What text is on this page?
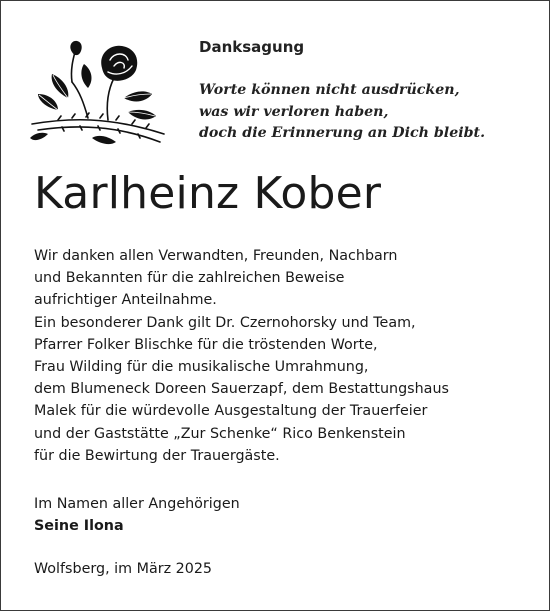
Danksagung
Worte können nicht ausdrücken,
was wir verloren haben,
doch die Erinnerung an Dich bleibt.
Karlheinz Kober
Wir danken allen Verwandten, Freunden, Nachbarn
und Bekannten für die zahlreichen Beweise
aufrichtiger Anteilnahme.
Ein besonderer Dank gilt Dr. Czernohorsky und Team,
Pfarrer Folker Blischke für die tröstenden Worte,
Frau Wilding für die musikalische Umrahmung,
dem Blumeneck Doreen Sauerzapf, dem Bestattungshaus
Malek für die würdevolle Ausgestaltung der Trauerfeier
und der Gaststätte „Zur Schenke“ Rico Benkenstein
für die Bewirtung der Trauergäste.
Im Namen aller Angehörigen
Seine Ilona
Wolfsberg, im März 2025
